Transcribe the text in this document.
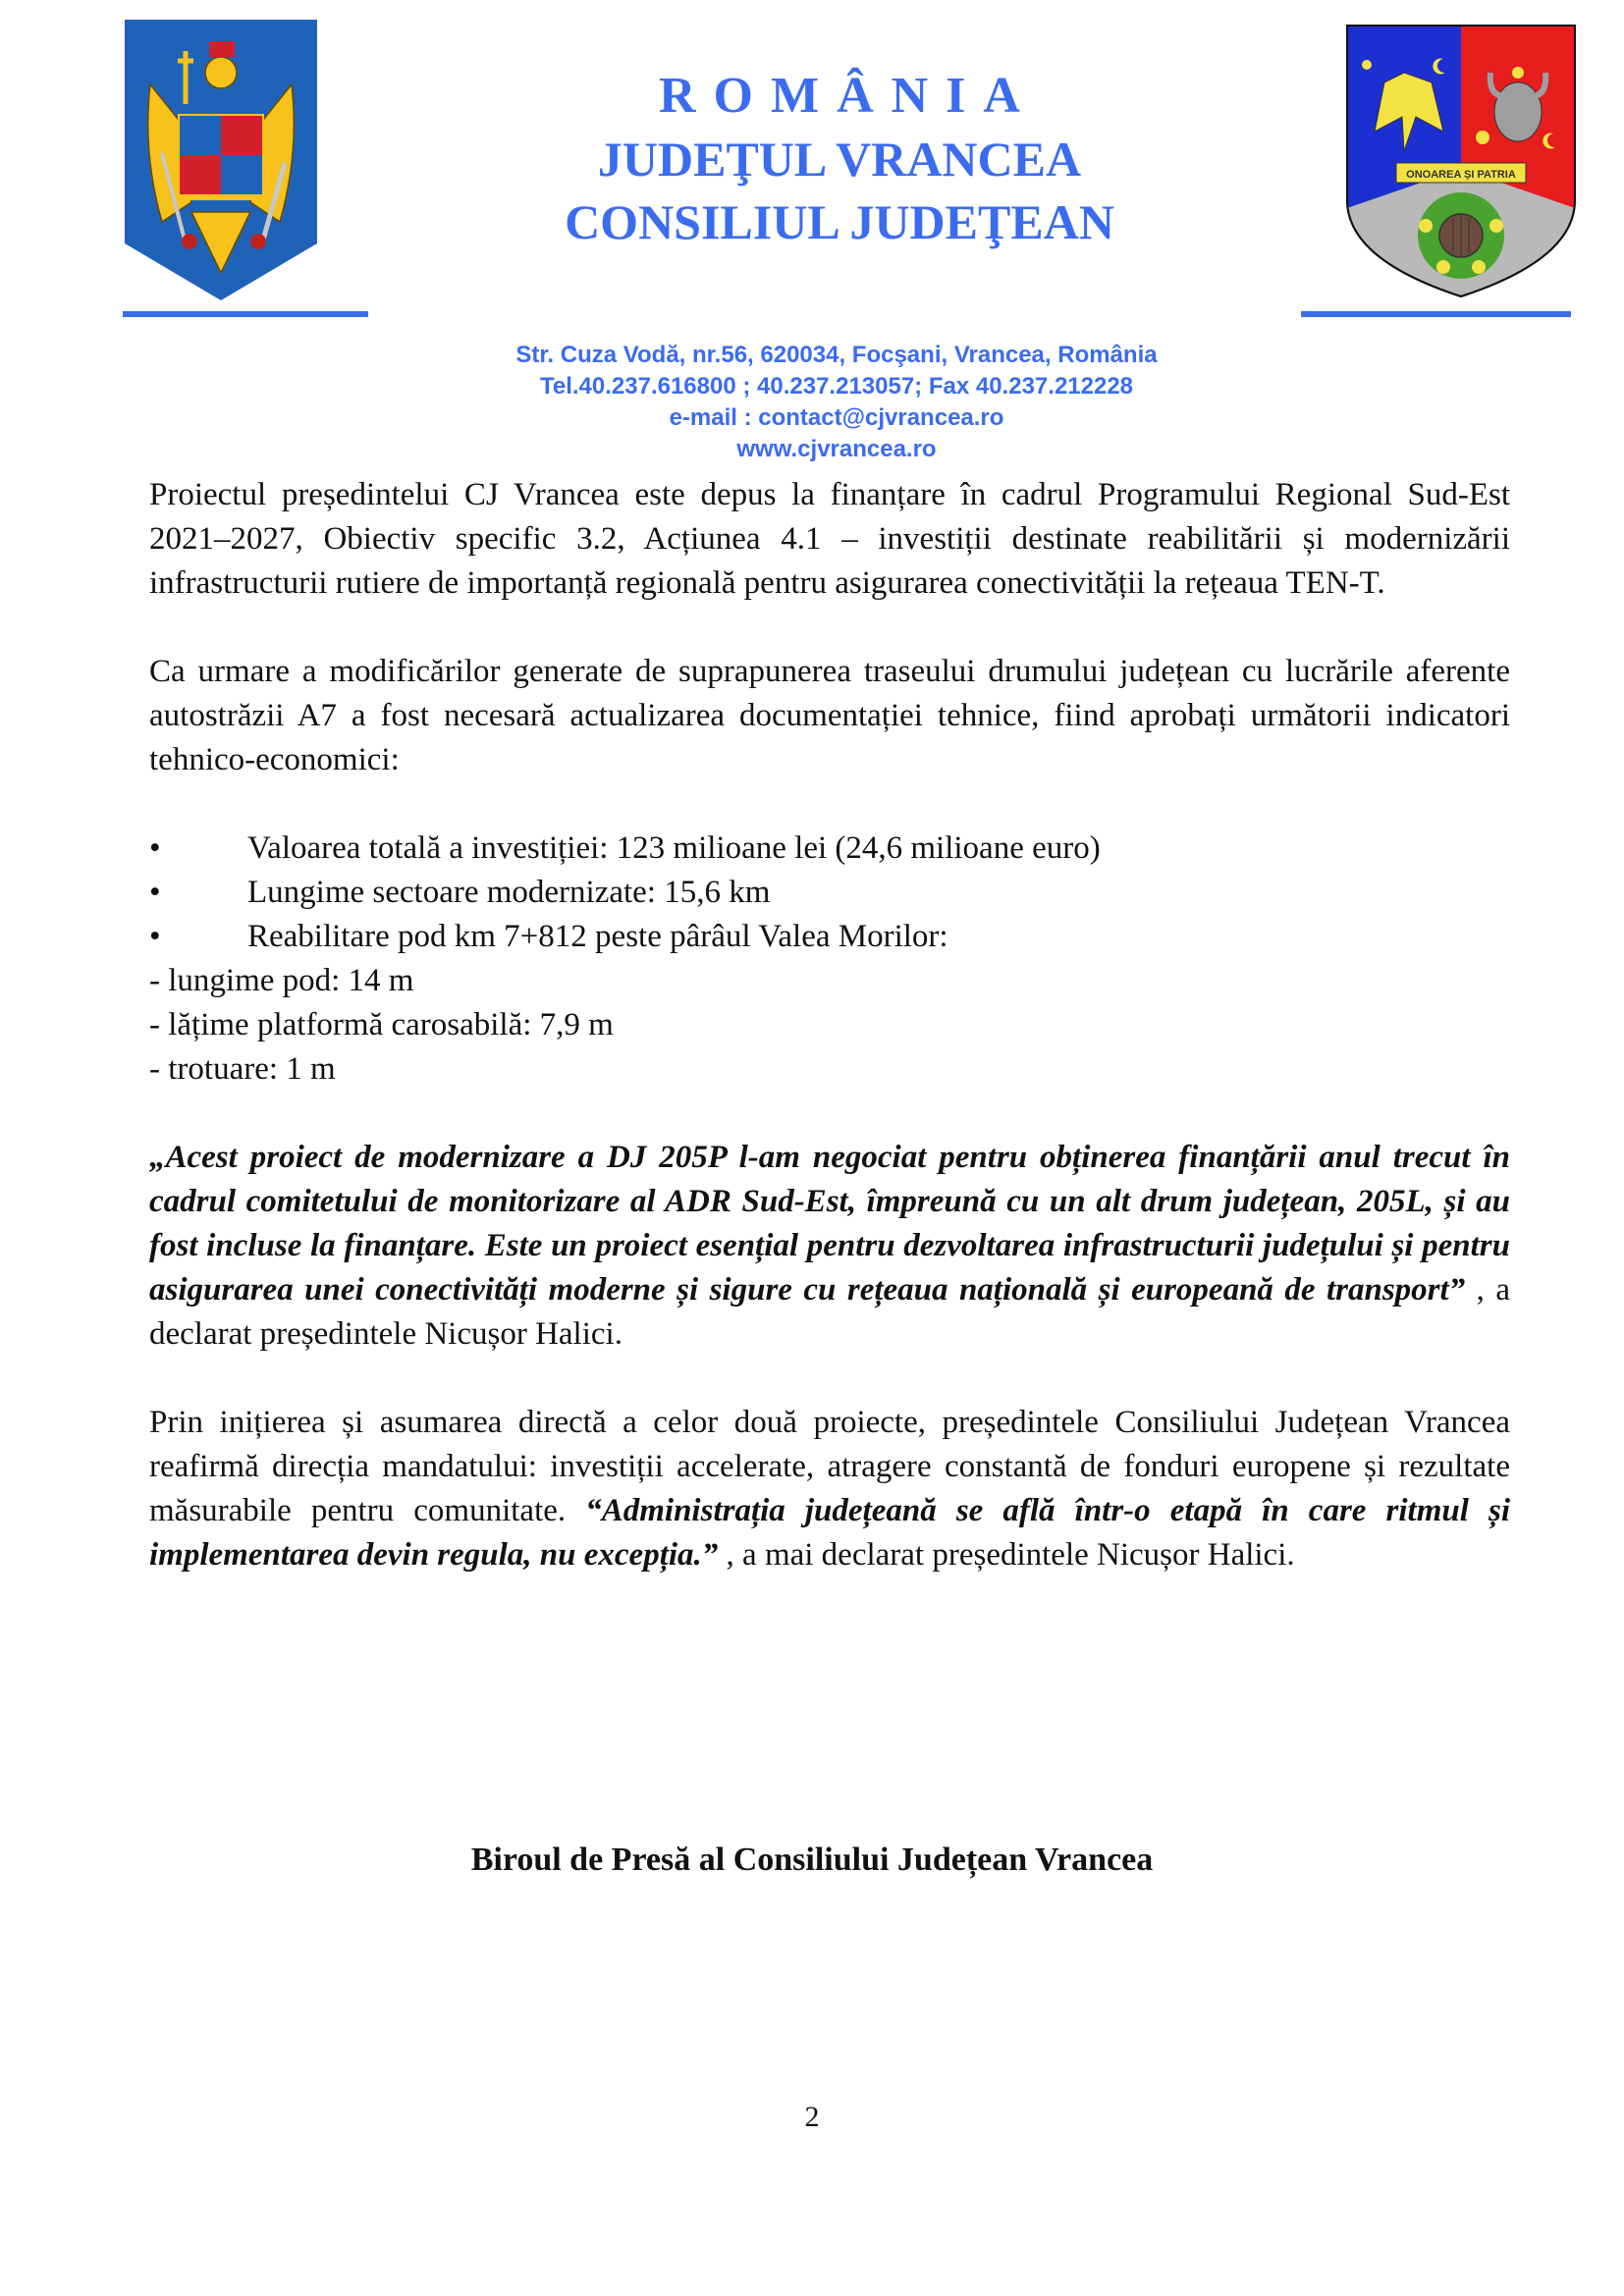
ROMÂNIA
JUDEŢUL VRANCEA
CONSILIUL JUDEŢEAN
ONOAREA ȘI PATRIA
Str. Cuza Vodă, nr.56, 620034, Focşani, Vrancea, România
Tel.40.237.616800 ; 40.237.213057; Fax 40.237.212228
e-mail : contact@cjvrancea.ro
www.cjvrancea.ro

Proiectul președintelui CJ Vrancea este depus la finanțare în cadrul Programului Regional Sud-Est 2021–2027, Obiectiv specific 3.2, Acțiunea 4.1 – investiții destinate reabilitării și modernizării infrastructurii rutiere de importanță regională pentru asigurarea conectivității la rețeaua TEN-T.

Ca urmare a modificărilor generate de suprapunerea traseului drumului județean cu lucrările aferente autostrăzii A7 a fost necesară actualizarea documentației tehnice, fiind aprobați următorii indicatori tehnico-economici:

•	Valoarea totală a investiției: 123 milioane lei (24,6 milioane euro)
•	Lungime sectoare modernizate: 15,6 km
•	Reabilitare pod km 7+812 peste pârâul Valea Morilor:
- lungime pod: 14 m
- lățime platformă carosabilă: 7,9 m
- trotuare: 1 m

„Acest proiect de modernizare a DJ 205P l-am negociat pentru obținerea finanțării anul trecut în cadrul comitetului de monitorizare al ADR Sud-Est, împreună cu un alt drum județean, 205L, și au fost incluse la finanțare. Este un proiect esențial pentru dezvoltarea infrastructurii județului și pentru asigurarea unei conectivități moderne și sigure cu rețeaua națională și europeană de transport” , a declarat președintele Nicușor Halici.

Prin inițierea și asumarea directă a celor două proiecte, președintele Consiliului Județean Vrancea reafirmă direcția mandatului: investiții accelerate, atragere constantă de fonduri europene și rezultate măsurabile pentru comunitate. “Administrația județeană se află într-o etapă în care ritmul și implementarea devin regula, nu excepția.” , a mai declarat președintele Nicușor Halici.

Biroul de Presă al Consiliului Județean Vrancea
2
